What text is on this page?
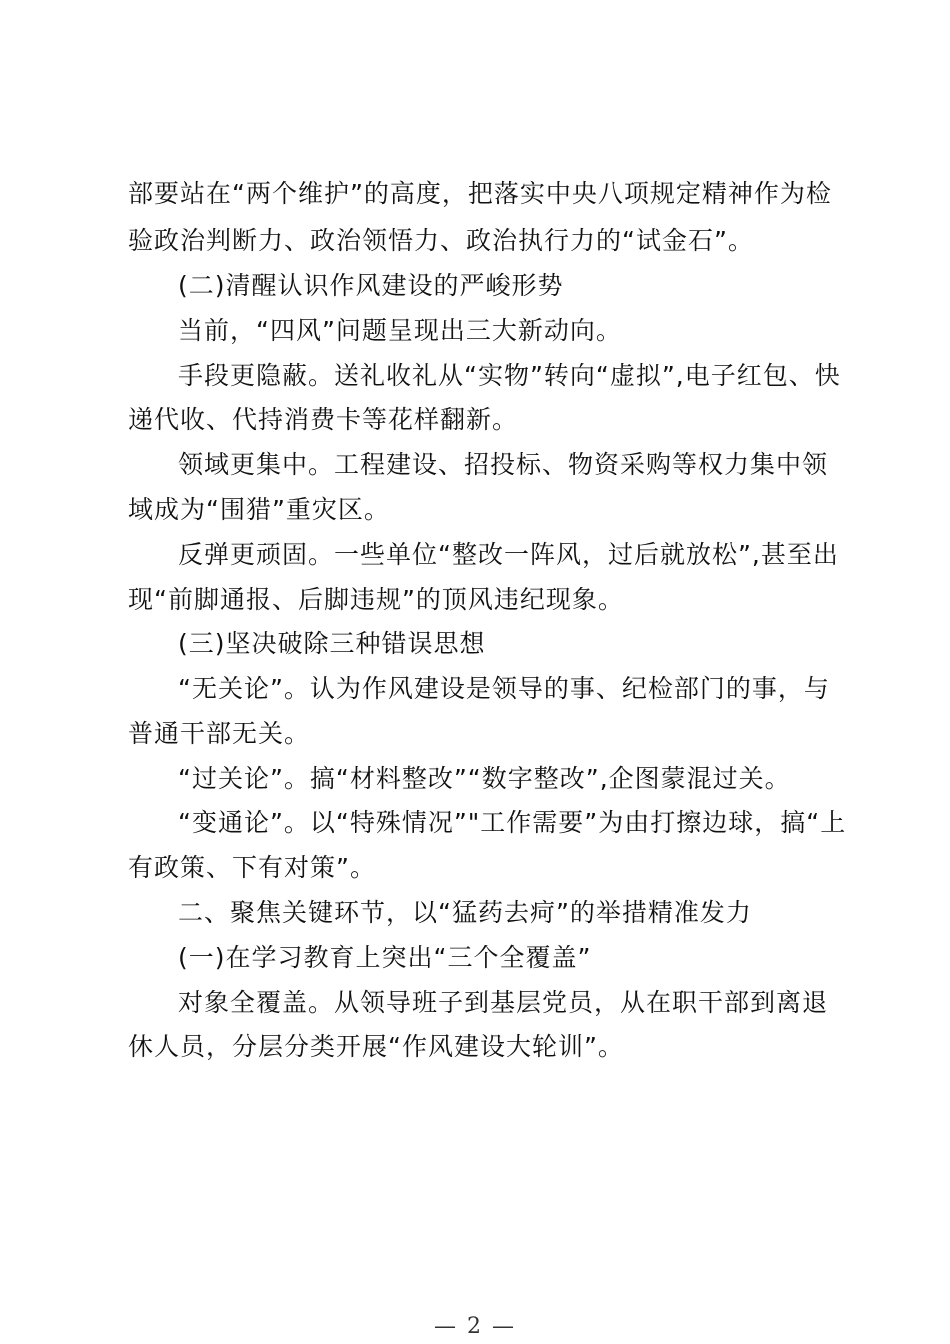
部要站在“两个维护”的高度，把落实中央八项规定精神作为检
验政治判断力、政治领悟力、政治执行力的“试金石”。
(二)清醒认识作风建设的严峻形势
当前，“四风”问题呈现出三大新动向。
手段更隐蔽。送礼收礼从“实物”转向“虚拟”,电子红包、快
递代收、代持消费卡等花样翻新。
领域更集中。工程建设、招投标、物资采购等权力集中领
域成为“围猎”重灾区。
反弹更顽固。一些单位“整改一阵风，过后就放松”,甚至出
现“前脚通报、后脚违规”的顶风违纪现象。
(三)坚决破除三种错误思想
“无关论”。认为作风建设是领导的事、纪检部门的事，与
普通干部无关。
“过关论”。搞“材料整改”“数字整改”,企图蒙混过关。
“变通论”。以“特殊情况”"工作需要”为由打擦边球，搞“上
有政策、下有对策”。
二、聚焦关键环节，以“猛药去疴”的举措精准发力
(一)在学习教育上突出“三个全覆盖”
对象全覆盖。从领导班子到基层党员，从在职干部到离退
休人员，分层分类开展“作风建设大轮训”。
— 2 —
